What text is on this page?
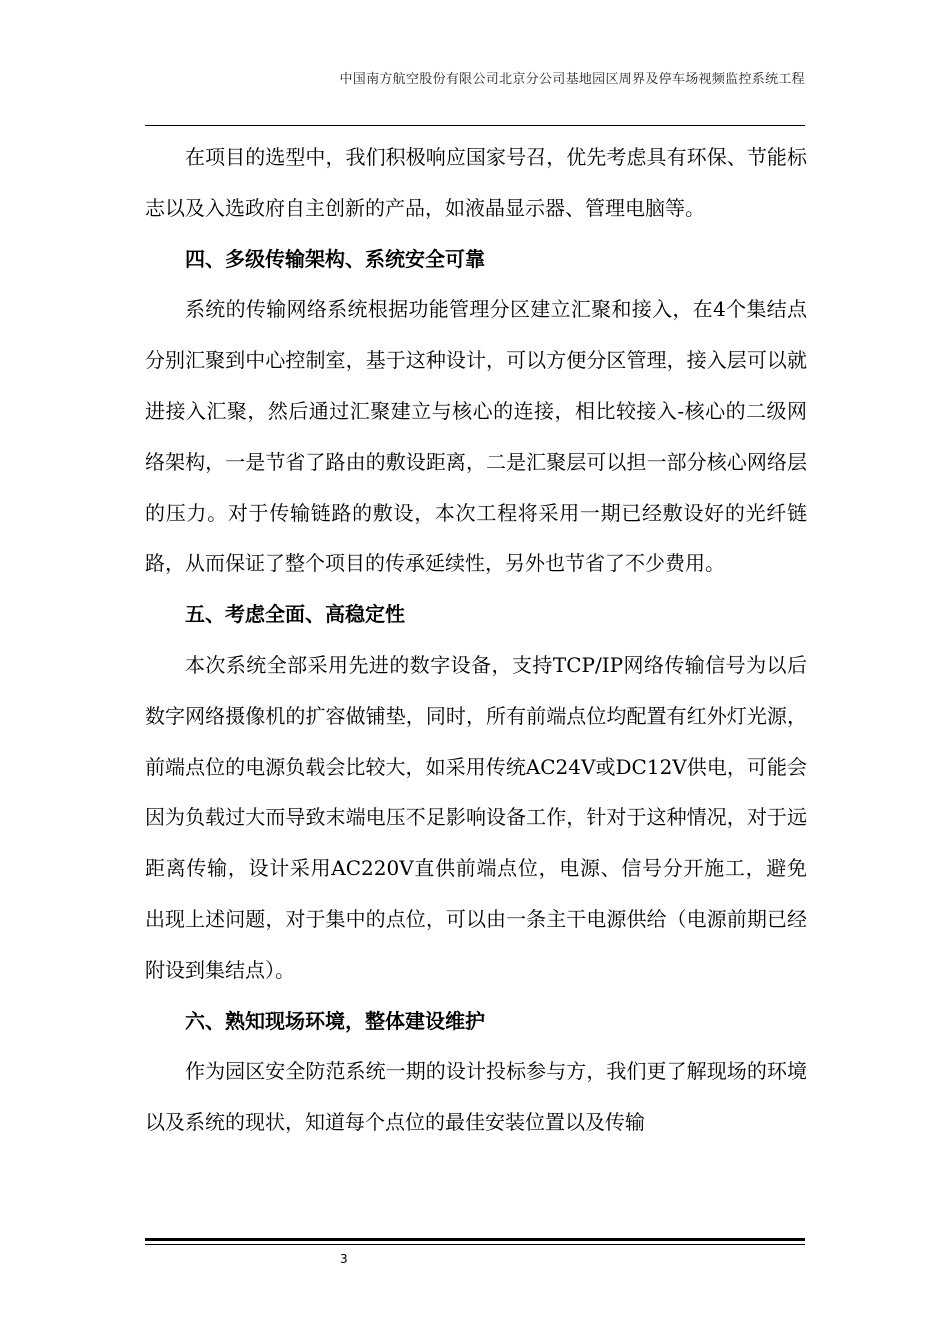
中国南方航空股份有限公司北京分公司基地园区周界及停车场视频监控系统工程

在项目的选型中，我们积极响应国家号召，优先考虑具有环保、节能标志以及入选政府自主创新的产品，如液晶显示器、管理电脑等。

四、多级传输架构、系统安全可靠

系统的传输网络系统根据功能管理分区建立汇聚和接入，在4个集结点分别汇聚到中心控制室，基于这种设计，可以方便分区管理，接入层可以就进接入汇聚，然后通过汇聚建立与核心的连接，相比较接入-核心的二级网络架构，一是节省了路由的敷设距离，二是汇聚层可以担一部分核心网络层的压力。对于传输链路的敷设，本次工程将采用一期已经敷设好的光纤链路，从而保证了整个项目的传承延续性，另外也节省了不少费用。

五、考虑全面、高稳定性

本次系统全部采用先进的数字设备，支持TCP/IP网络传输信号为以后数字网络摄像机的扩容做铺垫，同时，所有前端点位均配置有红外灯光源，前端点位的电源负载会比较大，如采用传统AC24V或DC12V供电，可能会因为负载过大而导致末端电压不足影响设备工作，针对于这种情况，对于远距离传输，设计采用AC220V直供前端点位，电源、信号分开施工，避免出现上述问题，对于集中的点位，可以由一条主干电源供给（电源前期已经附设到集结点）。

六、熟知现场环境，整体建设维护

作为园区安全防范系统一期的设计投标参与方，我们更了解现场的环境以及系统的现状，知道每个点位的最佳安装位置以及传输

3
